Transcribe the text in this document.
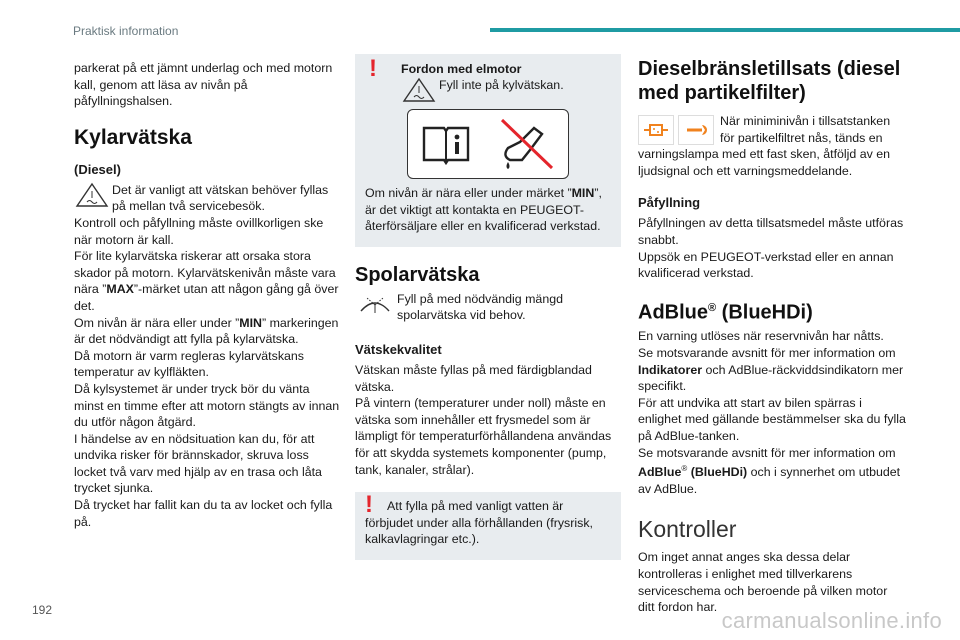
Praktisk information

parkerat på ett jämnt underlag och med motorn kall, genom att läsa av nivån på påfyllningshalsen.

Kylarvätska
(Diesel)

Det är vanligt att vätskan behöver fyllas på mellan två servicebesök.

Kontroll och påfyllning måste ovillkorligen ske när motorn är kall.

För lite kylarvätska riskerar att orsaka stora skador på motorn. Kylarvätskenivån måste vara nära ”MAX”-märket utan att någon gång gå över det.

Om nivån är nära eller under ”MIN” markeringen är det nödvändigt att fylla på kylarvätska.

Då motorn är varm regleras kylarvätskans temperatur av kylfläkten.

Då kylsystemet är under tryck bör du vänta minst en timme efter att motorn stängts av innan du utför någon åtgärd.

I händelse av en nödsituation kan du, för att undvika risker för brännskador, skruva loss locket två varv med hjälp av en trasa och låta trycket sjunka.

Då trycket har fallit kan du ta av locket och fylla på.

! Fordon med elmotor

Fyll inte på kylvätskan.

Om nivån är nära eller under märket ”MIN”, är det viktigt att kontakta en PEUGEOT-återförsäljare eller en kvalificerad verkstad.

Spolarvätska

Fyll på med nödvändig mängd spolarvätska vid behov.

Vätskekvalitet

Vätskan måste fyllas på med färdigblandad vätska.

På vintern (temperaturer under noll) måste en vätska som innehåller ett frysmedel som är lämpligt för temperaturförhållandena användas för att skydda systemets komponenter (pump, tank, kanaler, strålar).

!	Att fylla på med vanligt vatten är förbjudet under alla förhållanden (frysrisk, kalkavlagringar etc.).

Dieselbränsletillsats (diesel med partikelfilter)

När miniminivån i tillsatstanken för partikelfiltret nås, tänds en varningslampa med ett fast sken, åtföljd av en ljudsignal och ett varningsmeddelande.

Påfyllning

Påfyllningen av detta tillsatsmedel måste utföras snabbt.

Uppsök en PEUGEOT-verkstad eller en annan kvalificerad verkstad.

AdBlue® (BlueHDi)

En varning utlöses när reservnivån har nåtts.

Se motsvarande avsnitt för mer information om Indikatorer och AdBlue-räckviddsindikatorn mer specifikt.

För att undvika att start av bilen spärras i enlighet med gällande bestämmelser ska du fylla på AdBlue-tanken.

Se motsvarande avsnitt för mer information om AdBlue® (BlueHDi) och i synnerhet om utbudet av AdBlue.

Kontroller

Om inget annat anges ska dessa delar kontrolleras i enlighet med tillverkarens serviceschema och beroende på vilken motor ditt fordon har.

192	carmanualsonline.info
